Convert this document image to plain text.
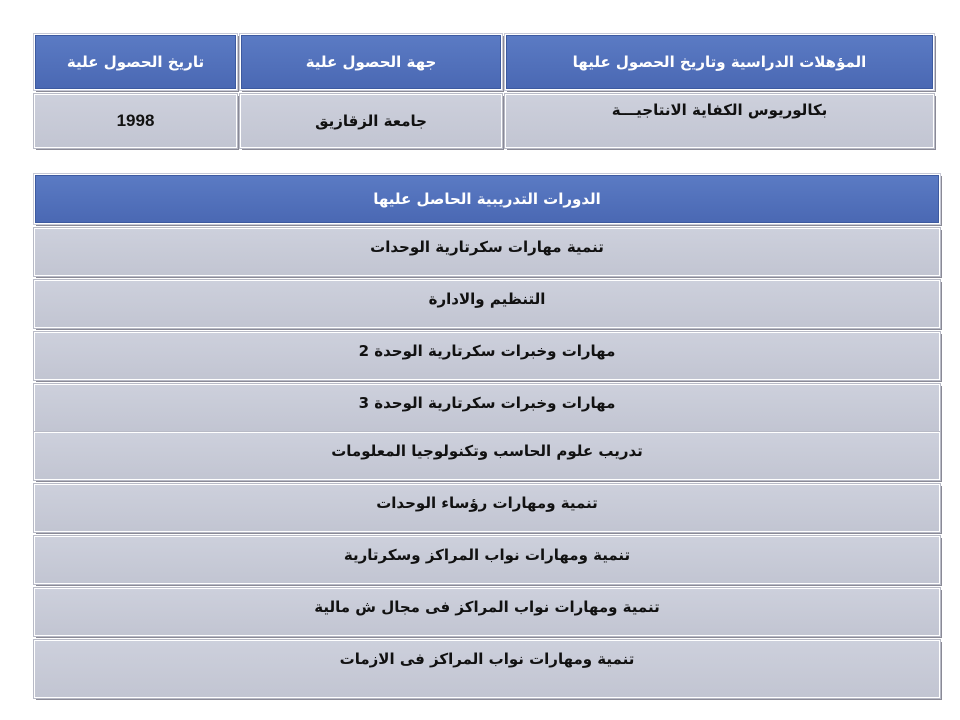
المؤهلات الدراسية وتاريخ الحصول عليها
جهة الحصول علية
تاريخ الحصول علية
بكالوريوس الكفاية الانتاجيـــة
جامعة الزقازيق
1998
الدورات التدريبية الحاصل عليها
تنمية مهارات سكرتارية الوحدات
التنظيم والادارة
مهارات وخبرات سكرتارية الوحدة 2
مهارات وخبرات سكرتارية الوحدة 3
تدريب علوم الحاسب وتكنولوجيا المعلومات
تنمية ومهارات رؤساء الوحدات
تنمية ومهارات نواب المراكز وسكرتارية
تنمية ومهارات نواب المراكز فى مجال ش مالية
تنمية ومهارات نواب المراكز فى الازمات
